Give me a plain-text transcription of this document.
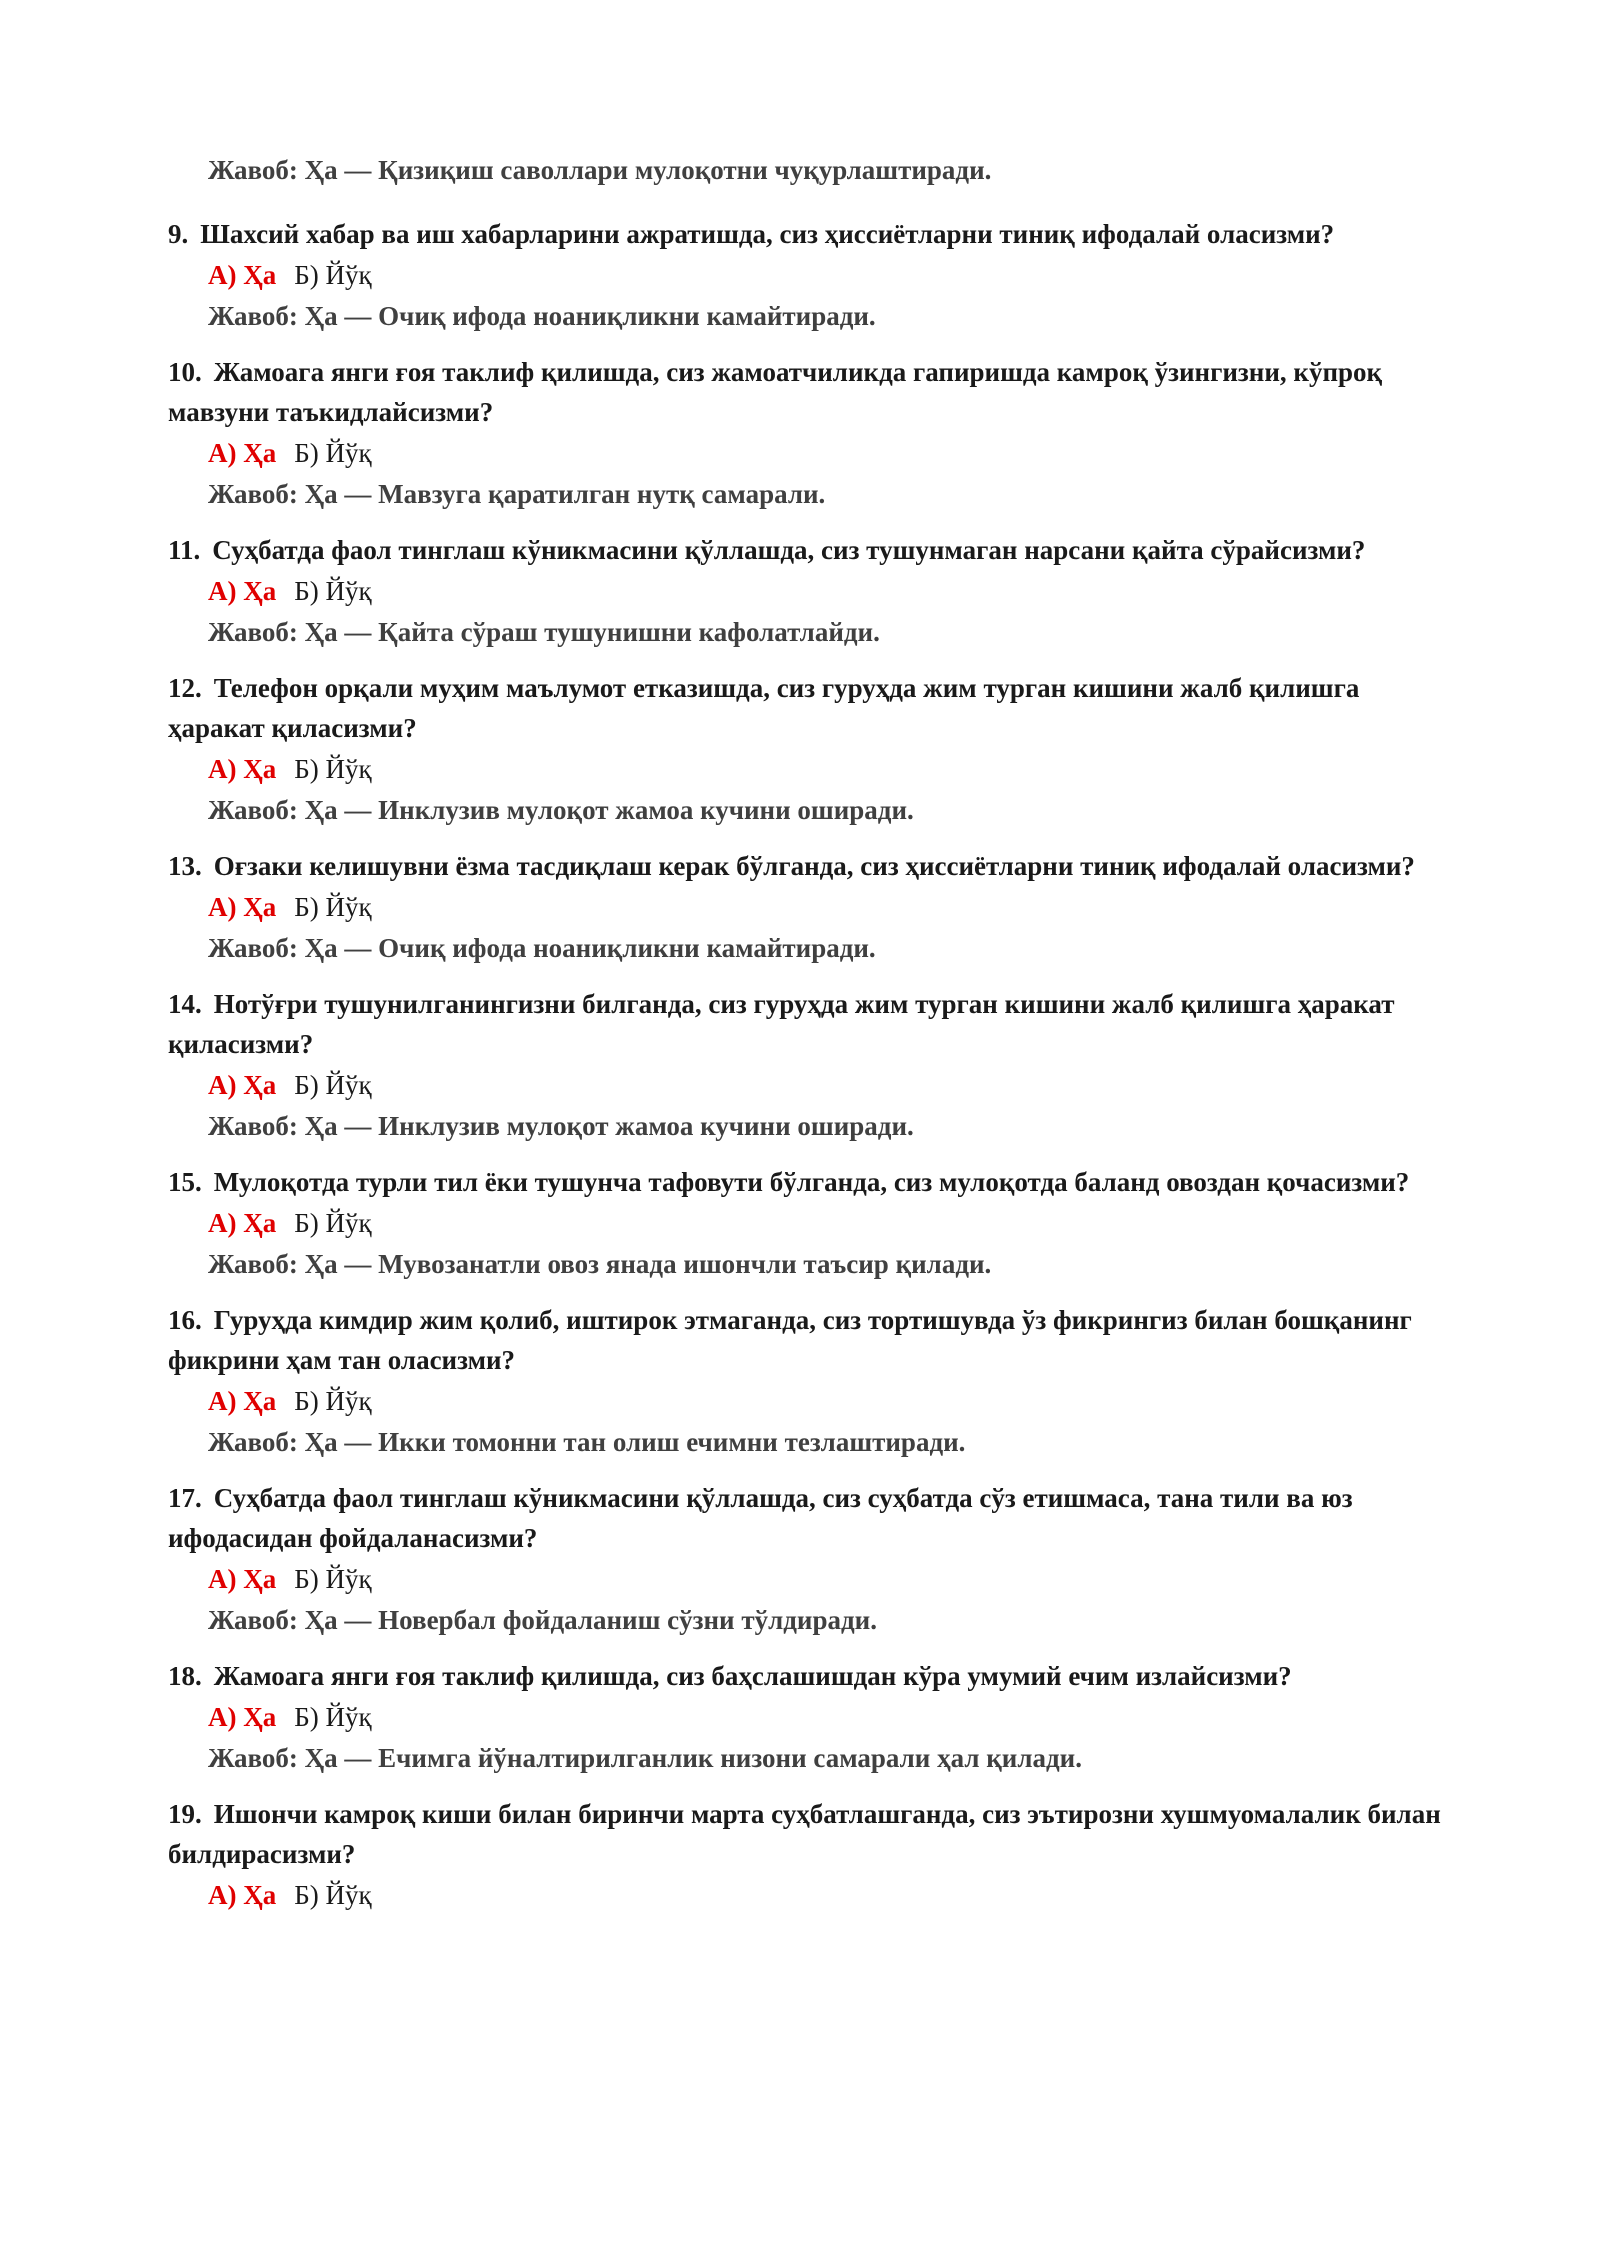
Жавоб: Ҳа — Қизиқиш саволлари мулоқотни чуқурлаштиради.
9. Шахсий хабар ва иш хабарларини ажратишда, сиз ҳиссиётларни тиниқ ифодалай оласизми?
А) Ҳа Б) Йўқ
Жавоб: Ҳа — Очиқ ифода ноаниқликни камайтиради.
10. Жамоага янги ғоя таклиф қилишда, сиз жамоатчиликда гапиришда камроқ ўзингизни, кўпроқ мавзуни таъкидлайсизми?
А) Ҳа Б) Йўқ
Жавоб: Ҳа — Мавзуга қаратилган нутқ самарали.
11. Суҳбатда фаол тинглаш кўникмасини қўллашда, сиз тушунмаган нарсани қайта сўрайсизми?
А) Ҳа Б) Йўқ
Жавоб: Ҳа — Қайта сўраш тушунишни кафолатлайди.
12. Телефон орқали муҳим маълумот етказишда, сиз гуруҳда жим турган кишини жалб қилишга ҳаракат қиласизми?
А) Ҳа Б) Йўқ
Жавоб: Ҳа — Инклузив мулоқот жамоа кучини оширади.
13. Оғзаки келишувни ёзма тасдиқлаш керак бўлганда, сиз ҳиссиётларни тиниқ ифодалай оласизми?
А) Ҳа Б) Йўқ
Жавоб: Ҳа — Очиқ ифода ноаниқликни камайтиради.
14. Нотўғри тушунилганингизни билганда, сиз гуруҳда жим турган кишини жалб қилишга ҳаракат қиласизми?
А) Ҳа Б) Йўқ
Жавоб: Ҳа — Инклузив мулоқот жамоа кучини оширади.
15. Мулоқотда турли тил ёки тушунча тафовути бўлганда, сиз мулоқотда баланд овоздан қочасизми?
А) Ҳа Б) Йўқ
Жавоб: Ҳа — Мувозанатли овоз янада ишончли таъсир қилади.
16. Гуруҳда кимдир жим қолиб, иштирок этмаганда, сиз тортишувда ўз фикрингиз билан бошқанинг фикрини ҳам тан оласизми?
А) Ҳа Б) Йўқ
Жавоб: Ҳа — Икки томонни тан олиш ечимни тезлаштиради.
17. Суҳбатда фаол тинглаш кўникмасини қўллашда, сиз суҳбатда сўз етишмаса, тана тили ва юз ифодасидан фойдаланасизми?
А) Ҳа Б) Йўқ
Жавоб: Ҳа — Новербал фойдаланиш сўзни тўлдиради.
18. Жамоага янги ғоя таклиф қилишда, сиз баҳслашишдан кўра умумий ечим излайсизми?
А) Ҳа Б) Йўқ
Жавоб: Ҳа — Ечимга йўналтирилганлик низони самарали ҳал қилади.
19. Ишончи камроқ киши билан биринчи марта суҳбатлашганда, сиз эътирозни хушмуомалалик билан билдирасизми?
А) Ҳа Б) Йўқ
